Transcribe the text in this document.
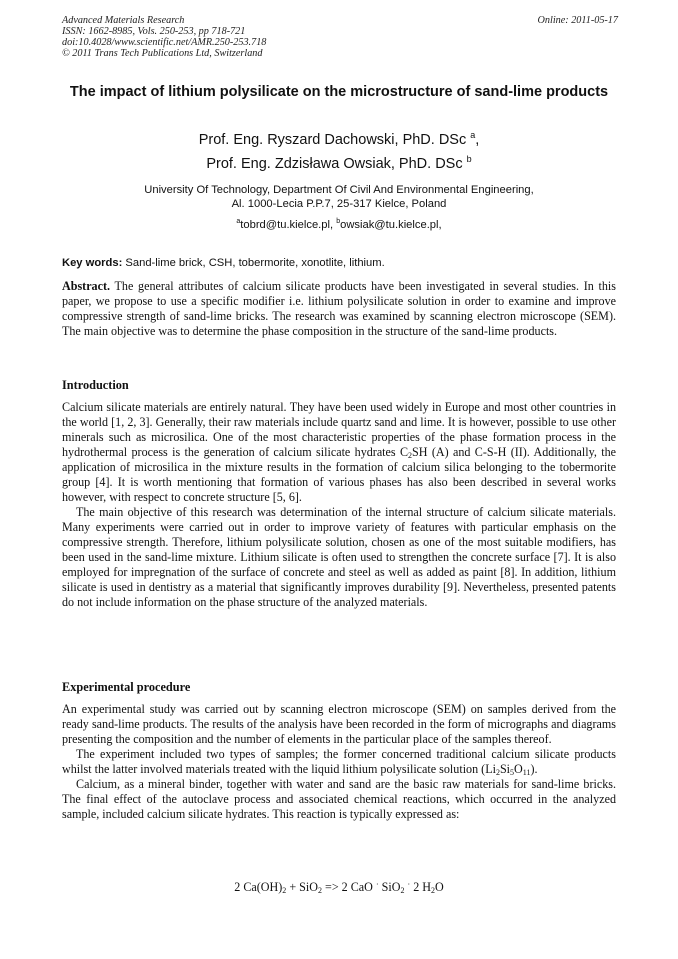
Advanced Materials Research
ISSN: 1662-8985, Vols. 250-253, pp 718-721
doi:10.4028/www.scientific.net/AMR.250-253.718
© 2011 Trans Tech Publications Ltd, Switzerland
Online: 2011-05-17
The impact of lithium polysilicate on the microstructure of sand-lime products
Prof. Eng. Ryszard Dachowski, PhD. DSc $^a$,
Prof. Eng. Zdzisława Owsiak, PhD. DSc $^b$
University Of Technology, Department Of Civil And Environmental Engineering,
Al. 1000-Lecia P.P.7, 25-317 Kielce, Poland
$^a$tobrd@tu.kielce.pl, $^b$owsiak@tu.kielce.pl,
Key words: Sand-lime brick, CSH, tobermorite, xonotlite, lithium.

Abstract. The general attributes of calcium silicate products have been investigated in several studies. In this paper, we propose to use a specific modifier i.e. lithium polysilicate solution in order to examine and improve compressive strength of sand-lime bricks. The research was examined by scanning electron microscope (SEM). The main objective was to determine the phase composition in the structure of the sand-lime products.

Introduction

Calcium silicate materials are entirely natural. They have been used widely in Europe and most other countries in the world [1, 2, 3]. Generally, their raw materials include quartz sand and lime. It is however, possible to use other minerals such as microsilica. One of the most characteristic properties of the phase formation process in the hydrothermal process is the generation of calcium silicate hydrates $C_2SH$ (A) and C-S-H (II). Additionally, the application of microsilica in the mixture results in the formation of calcium silica belonging to the tobermorite group [4]. It is worth mentioning that formation of various phases has also been described in several works however, with respect to concrete structure [5, 6].

The main objective of this research was determination of the internal structure of calcium silicate materials. Many experiments were carried out in order to improve variety of features with particular emphasis on the compressive strength. Therefore, lithium polysilicate solution, chosen as one of the most suitable modifiers, has been used in the sand-lime mixture. Lithium silicate is often used to strengthen the concrete surface [7]. It is also employed for impregnation of the surface of concrete and steel as well as added as paint [8]. In addition, lithium silicate is used in dentistry as a material that significantly improves durability [9]. Nevertheless, presented patents do not include information on the phase structure of the analyzed materials.

Experimental procedure

An experimental study was carried out by scanning electron microscope (SEM) on samples derived from the ready sand-lime products. The results of the analysis have been recorded in the form of micrographs and diagrams presenting the composition and the number of elements in the particular place of the samples thereof.

The experiment included two types of samples; the former concerned traditional calcium silicate products whilst the latter involved materials treated with the liquid lithium polysilicate solution $(Li_2Si_5O_{11})$.

Calcium, as a mineral binder, together with water and sand are the basic raw materials for sand-lime bricks. The final effect of the autoclave process and associated chemical reactions, which occurred in the analyzed sample, included calcium silicate hydrates. This reaction is typically expressed as:

2 $Ca(OH)_2 + SiO_2 => 2$ CaO · SiO$_2$ · 2 $H_2O$
